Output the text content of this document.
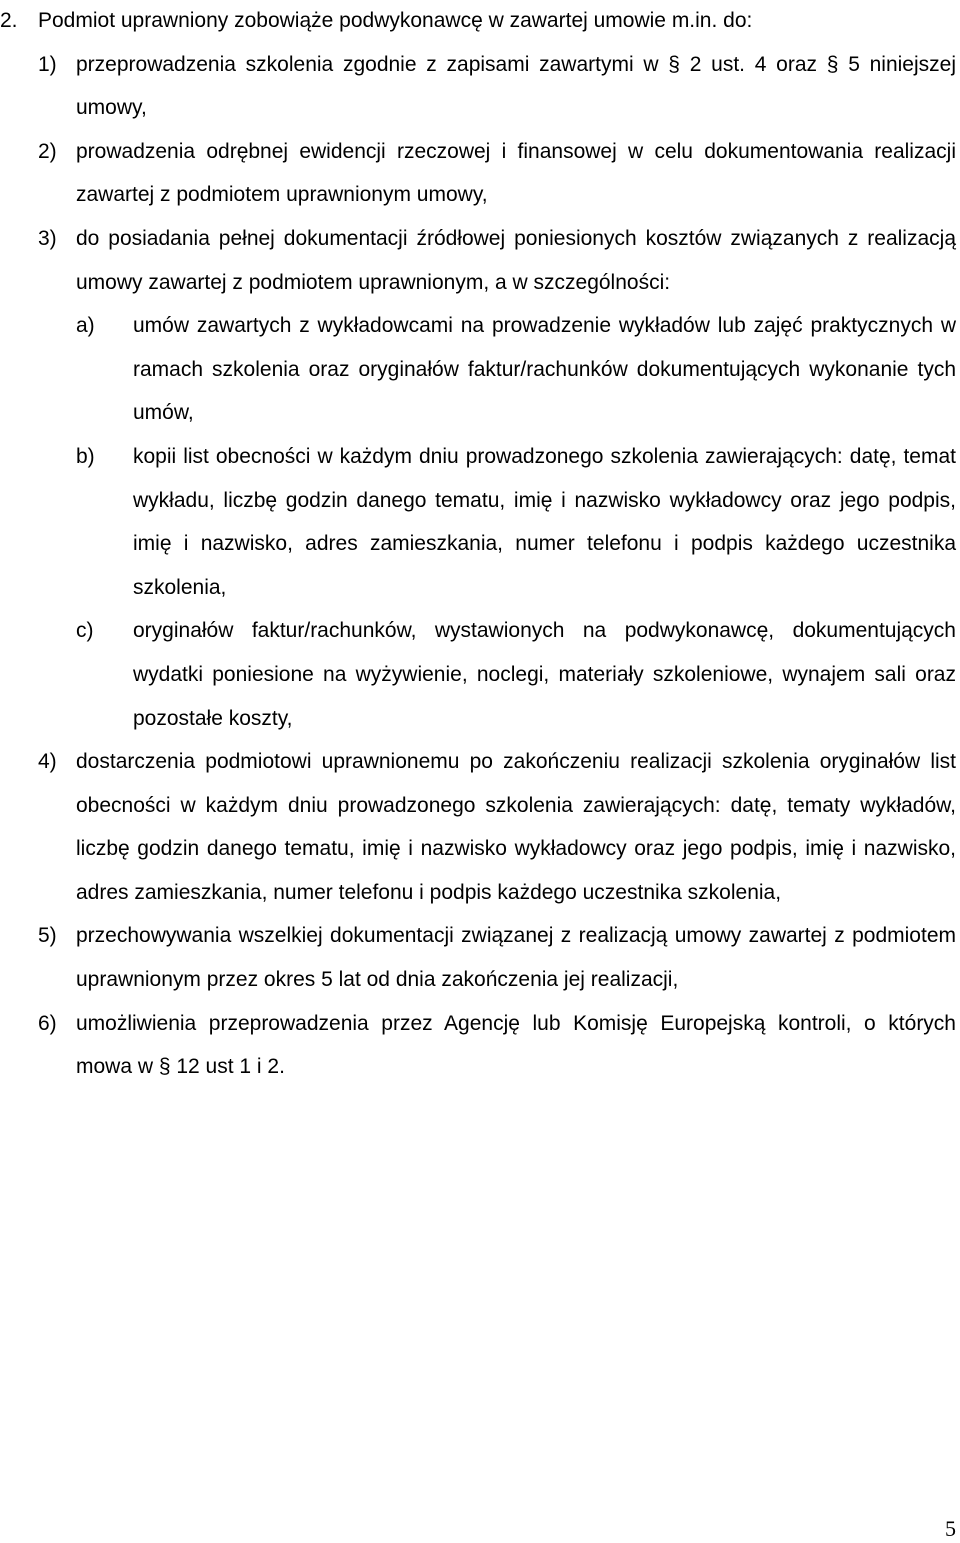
2. Podmiot uprawniony zobowiąże podwykonawcę w zawartej umowie m.in. do:
1) przeprowadzenia szkolenia zgodnie z zapisami zawartymi w § 2 ust. 4 oraz § 5 niniejszej umowy,
2) prowadzenia odrębnej ewidencji rzeczowej i finansowej w celu dokumentowania realizacji zawartej z podmiotem uprawnionym umowy,
3) do posiadania pełnej dokumentacji źródłowej poniesionych kosztów związanych z realizacją umowy zawartej z podmiotem uprawnionym, a w szczególności:
a) umów zawartych z wykładowcami na prowadzenie wykładów lub zajęć praktycznych w ramach szkolenia oraz oryginałów faktur/rachunków dokumentujących wykonanie tych umów,
b) kopii list obecności w każdym dniu prowadzonego szkolenia zawierających: datę, temat wykładu, liczbę godzin danego tematu, imię i nazwisko wykładowcy oraz jego podpis, imię i nazwisko, adres zamieszkania, numer telefonu i podpis każdego uczestnika szkolenia,
c) oryginałów faktur/rachunków, wystawionych na podwykonawcę, dokumentujących wydatki poniesione na wyżywienie, noclegi, materiały szkoleniowe, wynajem sali oraz pozostałe koszty,
4) dostarczenia podmiotowi uprawnionemu po zakończeniu realizacji szkolenia oryginałów list obecności w każdym dniu prowadzonego szkolenia zawierających: datę, tematy wykładów, liczbę godzin danego tematu, imię i nazwisko wykładowcy oraz jego podpis, imię i nazwisko, adres zamieszkania, numer telefonu i podpis każdego uczestnika szkolenia,
5) przechowywania wszelkiej dokumentacji związanej z realizacją umowy zawartej z podmiotem uprawnionym przez okres 5 lat od dnia zakończenia jej realizacji,
6) umożliwienia przeprowadzenia przez Agencję lub Komisję Europejską kontroli, o których mowa w § 12 ust 1 i 2.
5
